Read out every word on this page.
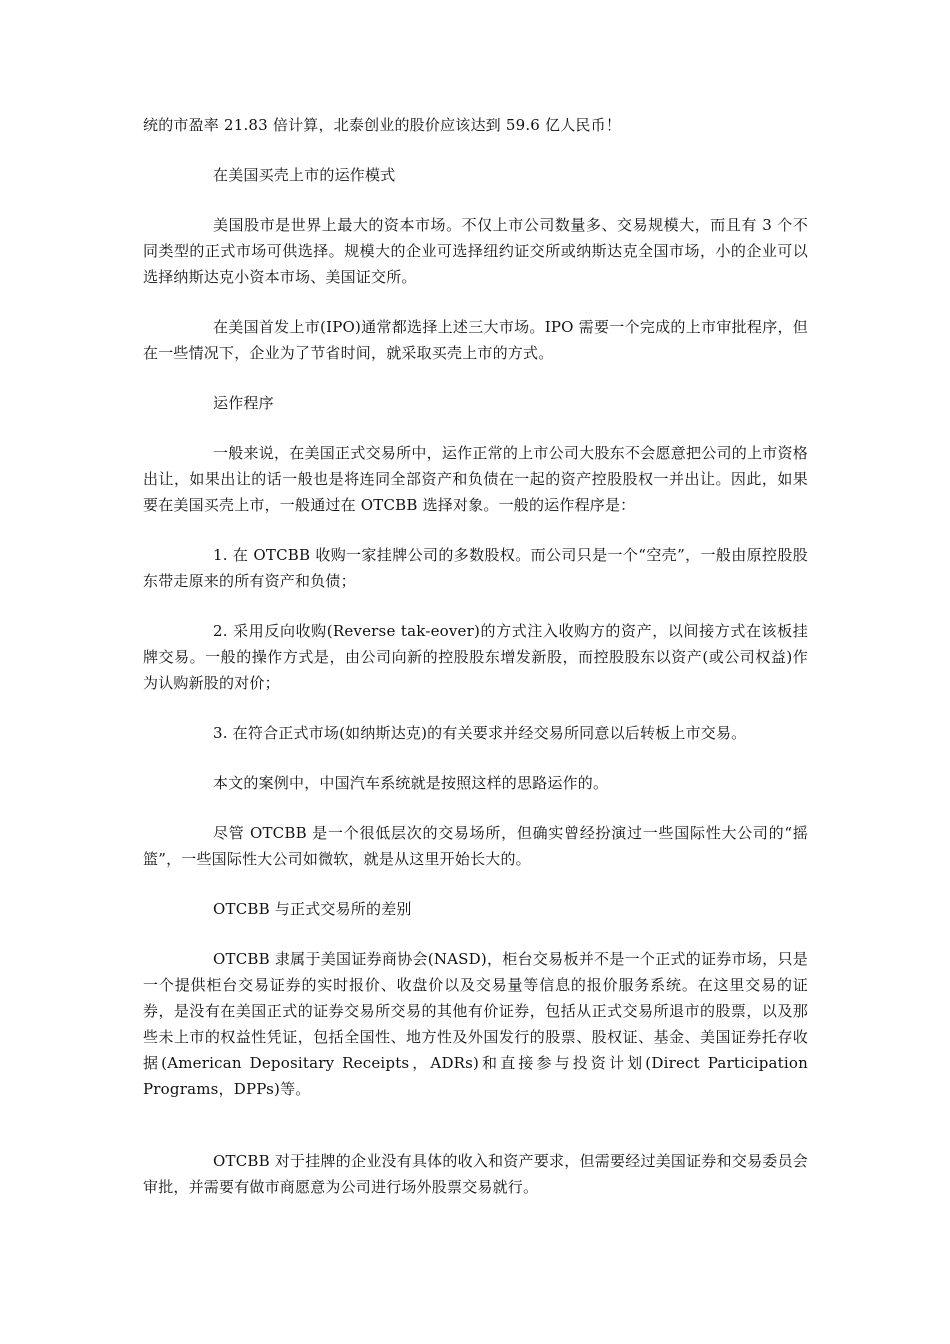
统的市盈率 21.83 倍计算，北泰创业的股价应该达到 59.6 亿人民币！

在美国买壳上市的运作模式

美国股市是世界上最大的资本市场。不仅上市公司数量多、交易规模大，而且有 3 个不同类型的正式市场可供选择。规模大的企业可选择纽约证交所或纳斯达克全国市场，小的企业可以选择纳斯达克小资本市场、美国证交所。

在美国首发上市(IPO)通常都选择上述三大市场。IPO 需要一个完成的上市审批程序，但在一些情况下，企业为了节省时间，就采取买壳上市的方式。

运作程序

一般来说，在美国正式交易所中，运作正常的上市公司大股东不会愿意把公司的上市资格出让，如果出让的话一般也是将连同全部资产和负债在一起的资产控股股权一并出让。因此，如果要在美国买壳上市，一般通过在 OTCBB 选择对象。一般的运作程序是：

1. 在 OTCBB 收购一家挂牌公司的多数股权。而公司只是一个“空壳”，一般由原控股股东带走原来的所有资产和负债；

2. 采用反向收购(Reverse tak-eover)的方式注入收购方的资产，以间接方式在该板挂牌交易。一般的操作方式是，由公司向新的控股股东增发新股，而控股股东以资产(或公司权益)作为认购新股的对价；

3. 在符合正式市场(如纳斯达克)的有关要求并经交易所同意以后转板上市交易。

本文的案例中，中国汽车系统就是按照这样的思路运作的。

尽管 OTCBB 是一个很低层次的交易场所，但确实曾经扮演过一些国际性大公司的“摇篮”，一些国际性大公司如微软，就是从这里开始长大的。

OTCBB 与正式交易所的差别

OTCBB 隶属于美国证券商协会(NASD)，柜台交易板并不是一个正式的证券市场，只是一个提供柜台交易证券的实时报价、收盘价以及交易量等信息的报价服务系统。在这里交易的证券，是没有在美国正式的证券交易所交易的其他有价证券，包括从正式交易所退市的股票，以及那些未上市的权益性凭证，包括全国性、地方性及外国发行的股票、股权证、基金、美国证券托存收据(American Depositary Receipts，ADRs)和直接参与投资计划(Direct Participation Programs，DPPs)等。

OTCBB 对于挂牌的企业没有具体的收入和资产要求，但需要经过美国证券和交易委员会审批，并需要有做市商愿意为公司进行场外股票交易就行。
